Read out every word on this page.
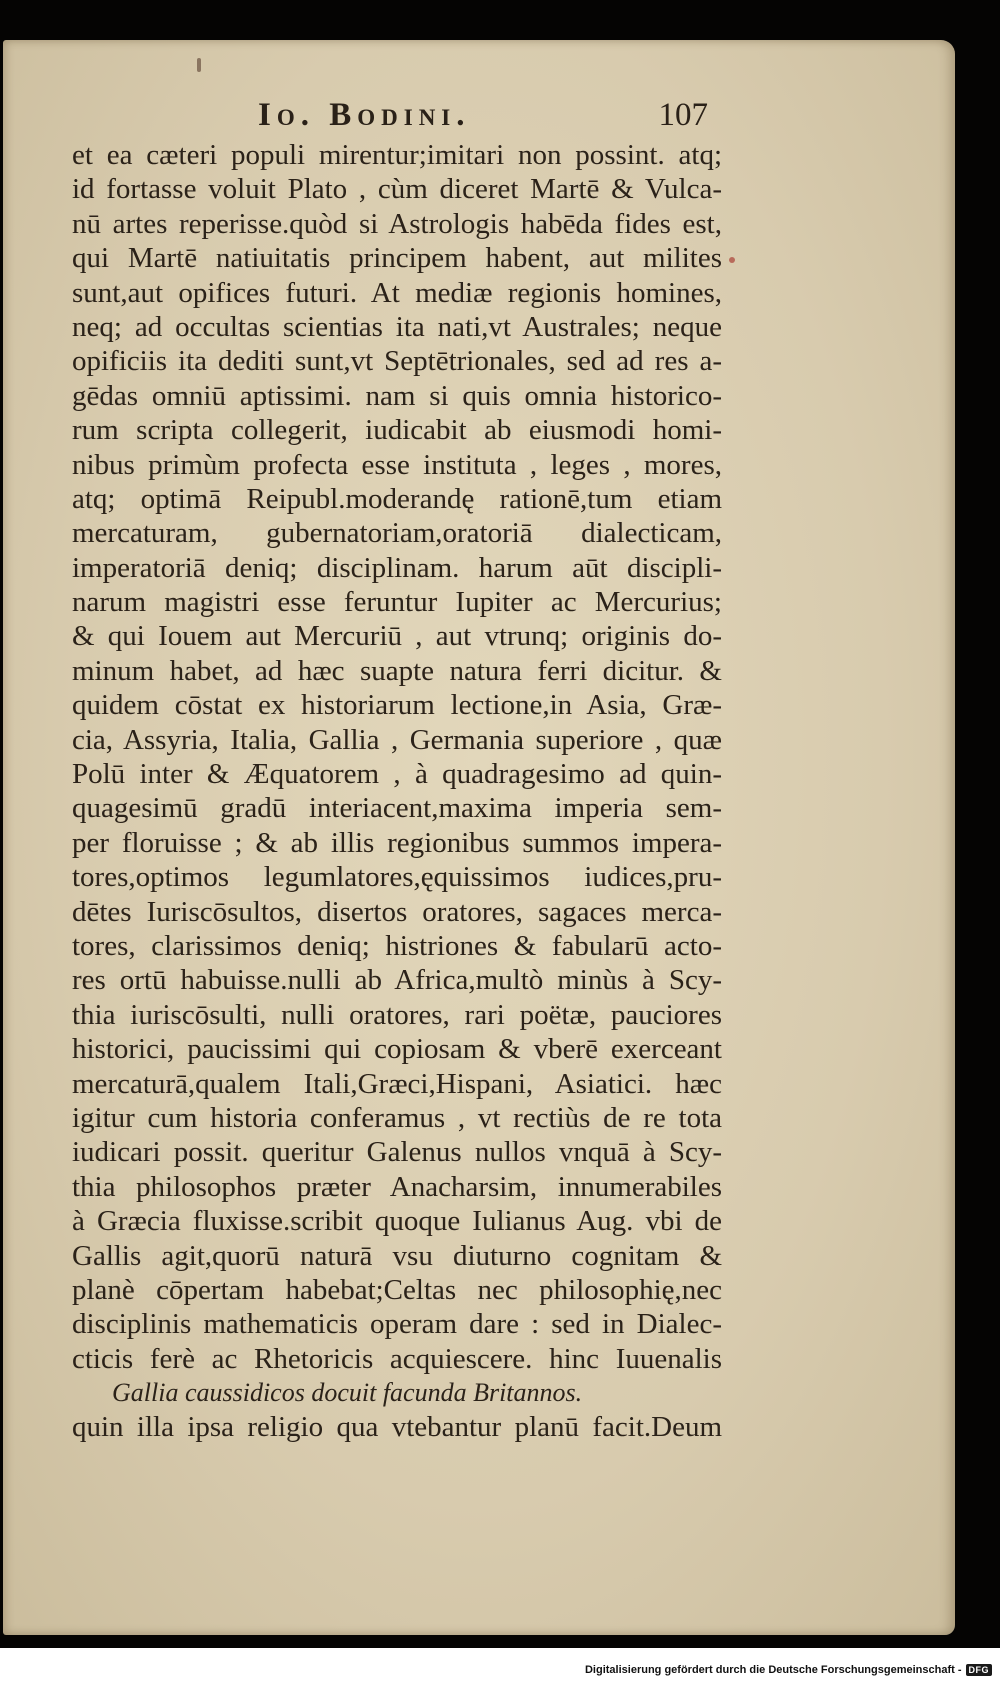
Io. Bodini.	107
et ea cæteri populi mirentur;imitari non possint. atq;
id fortasse voluit Plato , cùm diceret Martē & Vulca-
nū artes reperisse.quòd si Astrologis habēda fides est,
qui Martē natiuitatis principem habent, aut milites
sunt,aut opifices futuri. At mediæ regionis homines,
neq; ad occultas scientias ita nati,vt Australes; neque
opificiis ita dediti sunt,vt Septētrionales, sed ad res a-
gēdas omniū aptissimi. nam si quis omnia historico-
rum scripta collegerit, iudicabit ab eiusmodi homi-
nibus primùm profecta esse instituta , leges , mores,
atq; optimā Reipubl.moderandę rationē,tum etiam
mercaturam, gubernatoriam,oratoriā dialecticam,
imperatoriā deniq; disciplinam. harum aūt discipli-
narum magistri esse feruntur Iupiter ac Mercurius;
& qui Iouem aut Mercuriū , aut vtrunq; originis do-
minum habet, ad hæc suapte natura ferri dicitur. &
quidem cōstat ex historiarum lectione,in Asia, Græ-
cia, Assyria, Italia, Gallia , Germania superiore , quæ
Polū inter & Æquatorem , à quadragesimo ad quin-
quagesimū gradū interiacent,maxima imperia sem-
per floruisse ; & ab illis regionibus summos impera-
tores,optimos legumlatores,ęquissimos iudices,pru-
dētes Iuriscōsultos, disertos oratores, sagaces merca-
tores, clarissimos deniq; histriones & fabularū acto-
res ortū habuisse.nulli ab Africa,multò minùs à Scy-
thia iuriscōsulti, nulli oratores, rari poëtæ, pauciores
historici, paucissimi qui copiosam & vberē exerceant
mercaturā,qualem Itali,Græci,Hispani, Asiatici. hæc
igitur cum historia conferamus , vt rectiùs de re tota
iudicari possit. queritur Galenus nullos vnquā à Scy-
thia philosophos præter Anacharsim, innumerabiles
à Græcia fluxisse.scribit quoque Iulianus Aug. vbi de
Gallis agit,quorū naturā vsu diuturno cognitam &
planè cōpertam habebat;Celtas nec philosophię,nec
disciplinis mathematicis operam dare : sed in Dialec-
cticis ferè ac Rhetoricis acquiescere. hinc Iuuenalis
Gallia caussidicos docuit facunda Britannos.
quin illa ipsa religio qua vtebantur planū facit.Deum
Digitalisierung gefördert durch die Deutsche Forschungsgemeinschaft - DFG
